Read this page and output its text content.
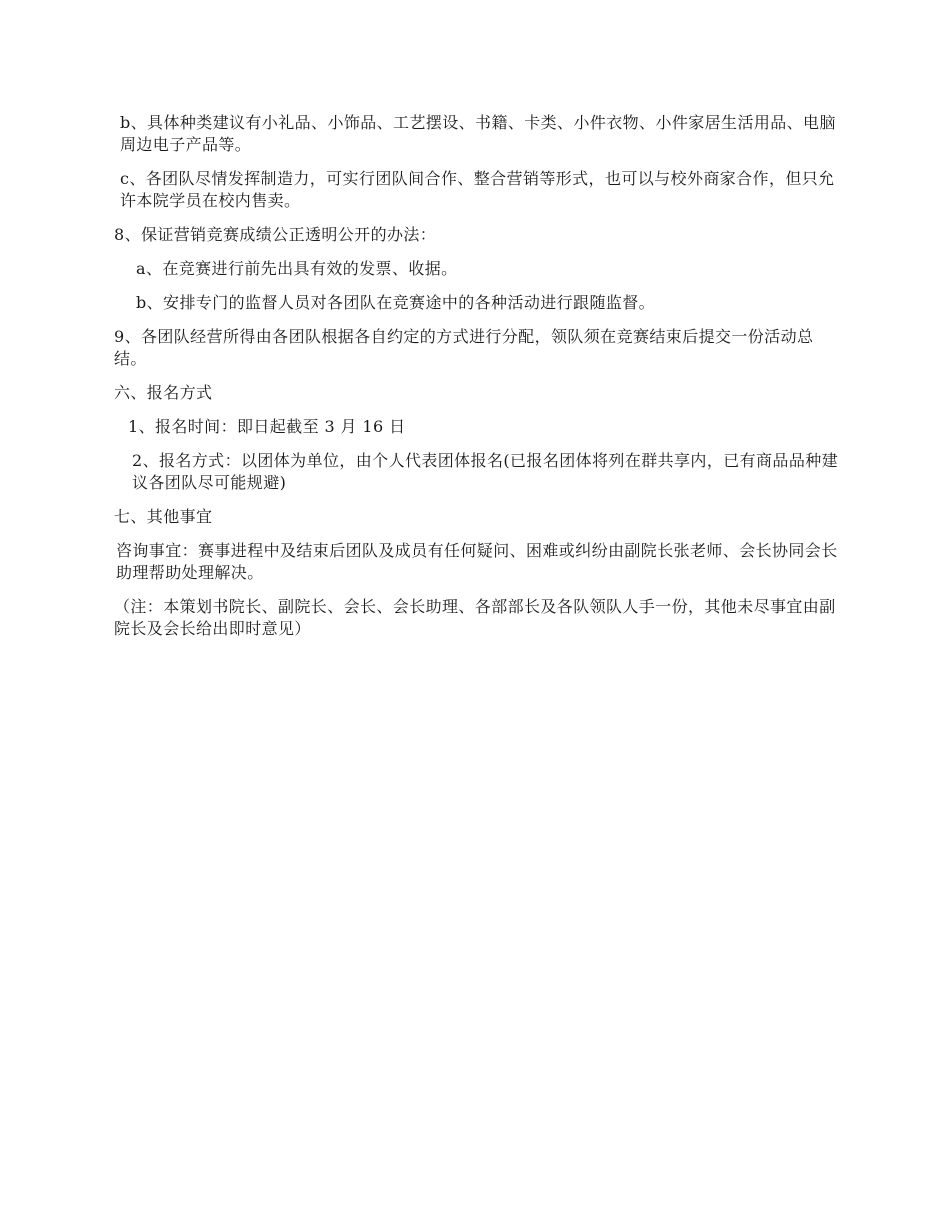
b、具体种类建议有小礼品、小饰品、工艺摆设、书籍、卡类、小件衣物、小件家居生活用品、电脑周边电子产品等。

c、各团队尽情发挥制造力，可实行团队间合作、整合营销等形式，也可以与校外商家合作，但只允许本院学员在校内售卖。

8、保证营销竞赛成绩公正透明公开的办法：

a、在竞赛进行前先出具有效的发票、收据。

b、安排专门的监督人员对各团队在竞赛途中的各种活动进行跟随监督。

9、各团队经营所得由各团队根据各自约定的方式进行分配，领队须在竞赛结束后提交一份活动总结。

六、报名方式

1、报名时间：即日起截至 3 月 16 日

2、报名方式：以团体为单位，由个人代表团体报名(已报名团体将列在群共享内，已有商品品种建议各团队尽可能规避)

七、其他事宜

咨询事宜：赛事进程中及结束后团队及成员有任何疑问、困难或纠纷由副院长张老师、会长协同会长助理帮助处理解决。

（注：本策划书院长、副院长、会长、会长助理、各部部长及各队领队人手一份，其他未尽事宜由副院长及会长给出即时意见）
